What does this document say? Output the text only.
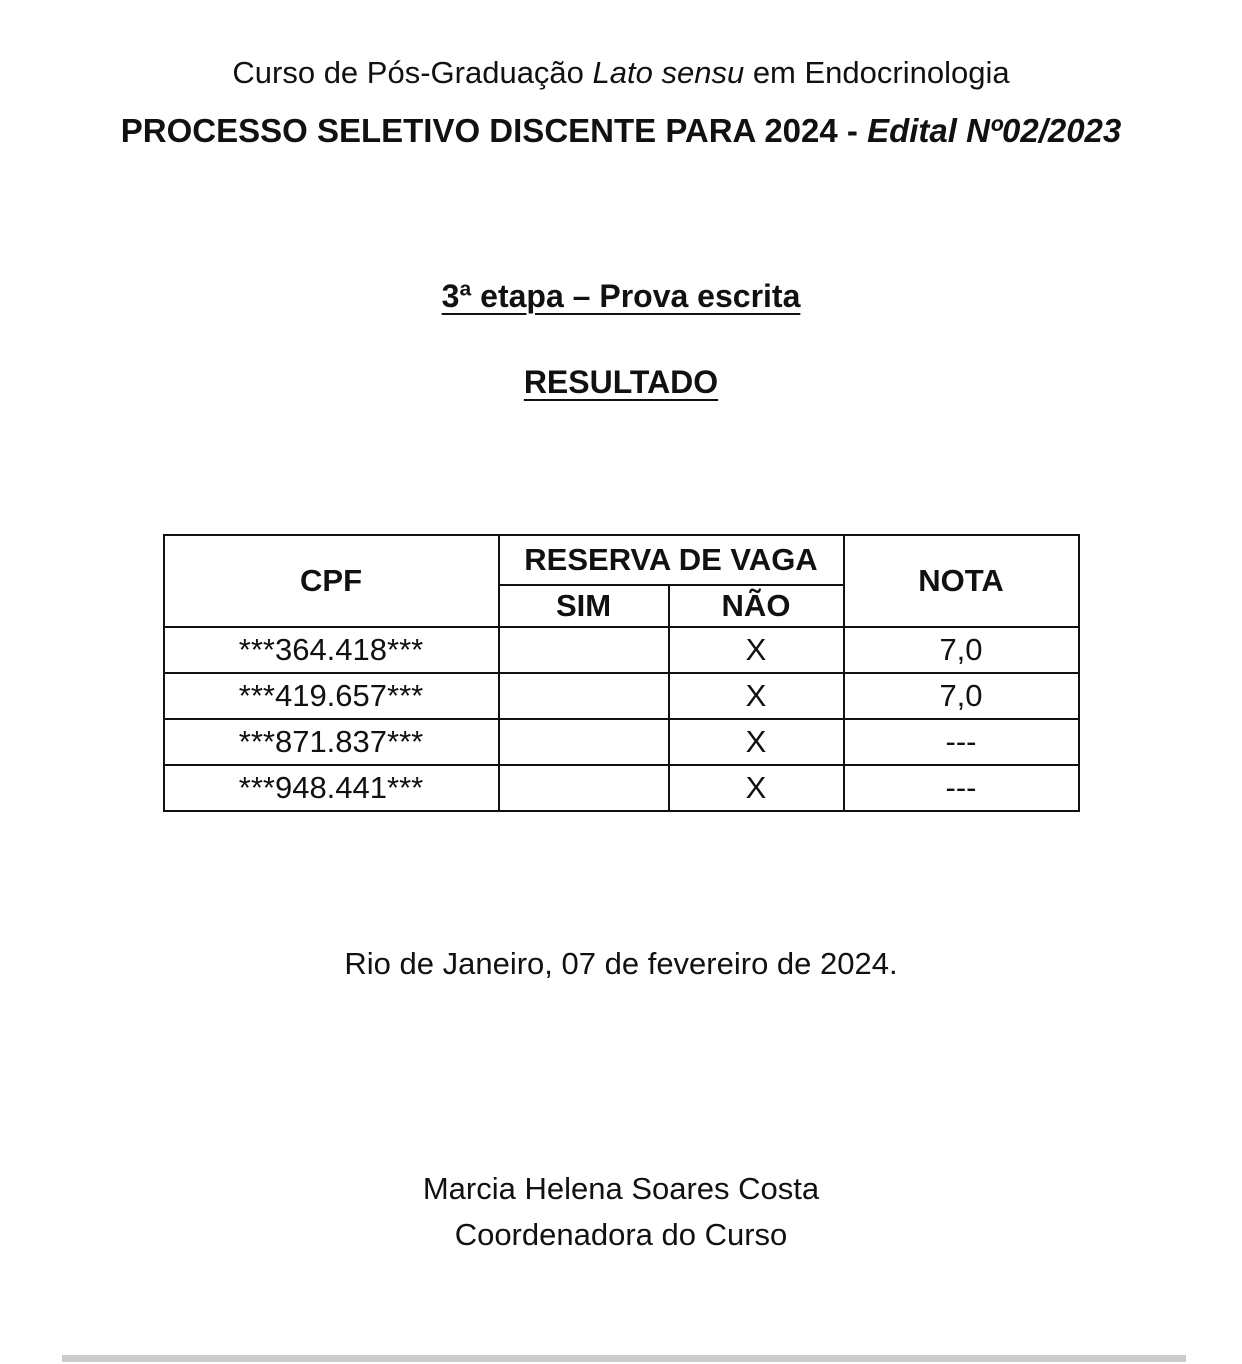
Curso de Pós-Graduação Lato sensu em Endocrinologia
PROCESSO SELETIVO DISCENTE PARA 2024 - Edital Nº02/2023
3ª etapa – Prova escrita
RESULTADO
CPF	RESERVA DE VAGA		NOTA
	SIM	NÃO	
***364.418***		X	7,0
***419.657***		X	7,0
***871.837***		X	---
***948.441***		X	---
Rio de Janeiro, 07 de fevereiro de 2024.
Marcia Helena Soares Costa
Coordenadora do Curso
